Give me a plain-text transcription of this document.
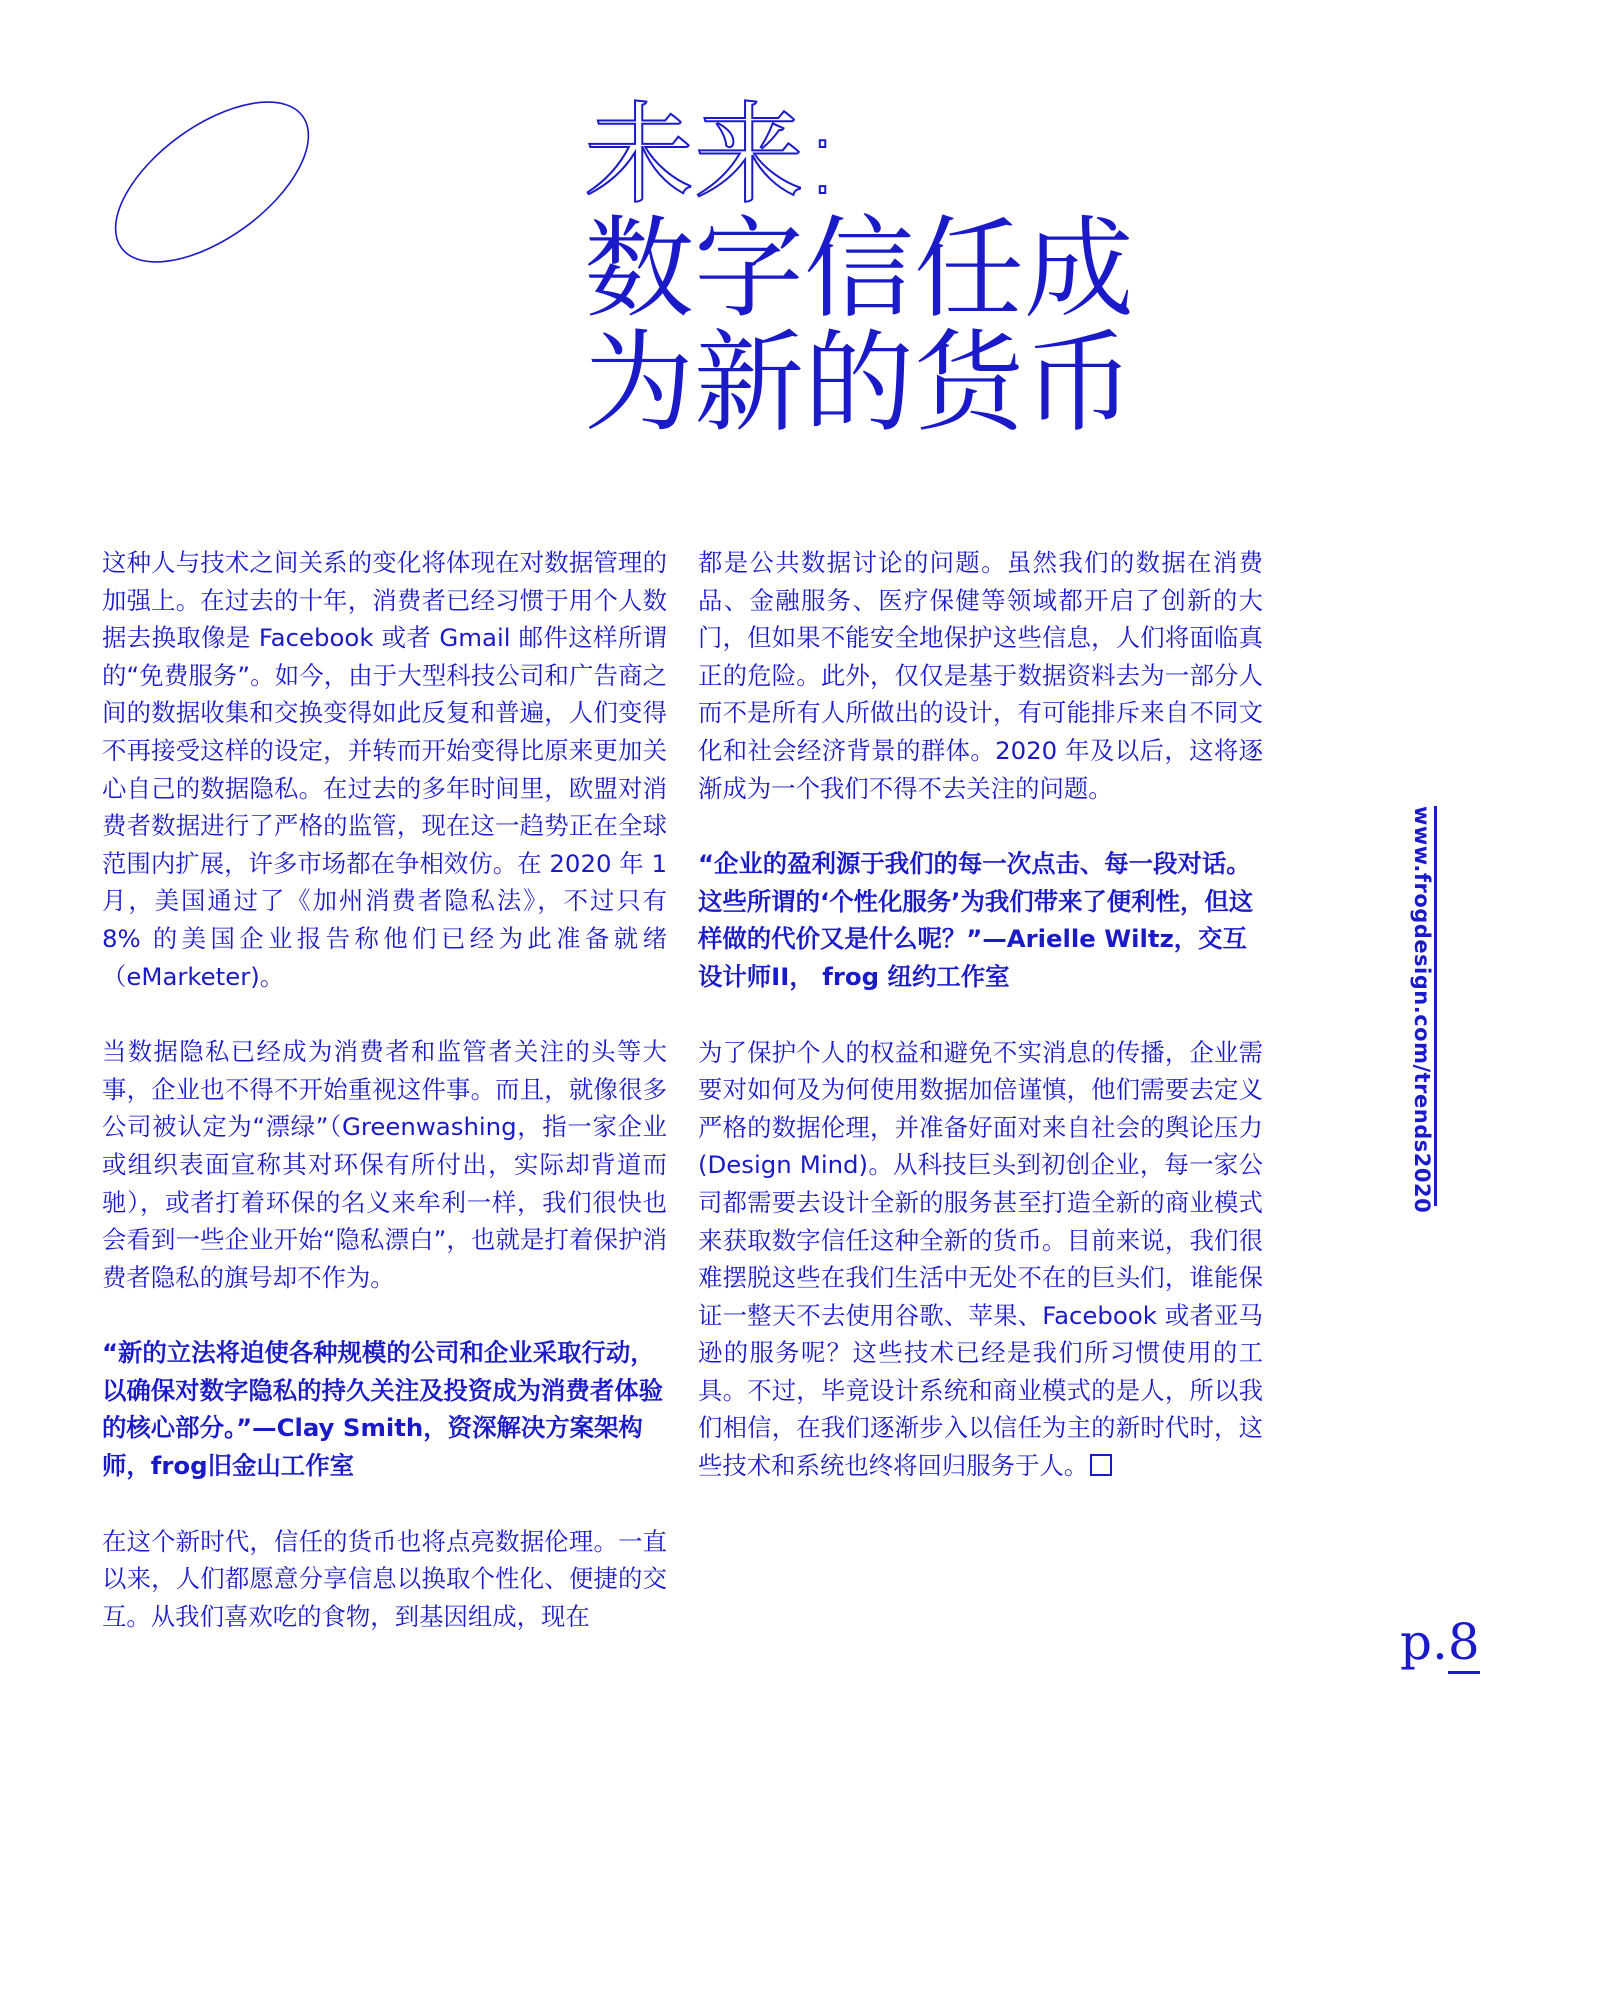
未来:
数字信任成
为新的货币

这种人与技术之间关系的变化将体现在对数据管理的加强上。在过去的十年，消费者已经习惯于用个人数据去换取像是 Facebook 或者 Gmail 邮件这样所谓的“免费服务”。如今，由于大型科技公司和广告商之间的数据收集和交换变得如此反复和普遍，人们变得不再接受这样的设定，并转而开始变得比原来更加关心自己的数据隐私。在过去的多年时间里，欧盟对消费者数据进行了严格的监管，现在这一趋势正在全球范围内扩展，许多市场都在争相效仿。在 2020 年 1 月，美国通过了《加州消费者隐私法》，不过只有 8% 的美国企业报告称他们已经为此准备就绪（eMarketer)。

当数据隐私已经成为消费者和监管者关注的头等大事，企业也不得不开始重视这件事。而且，就像很多公司被认定为“漂绿”（Greenwashing，指一家企业或组织表面宣称其对环保有所付出，实际却背道而驰），或者打着环保的名义来牟利一样，我们很快也会看到一些企业开始“隐私漂白”，也就是打着保护消费者隐私的旗号却不作为。

“新的立法将迫使各种规模的公司和企业采取行动，以确保对数字隐私的持久关注及投资成为消费者体验的核心部分。”—Clay Smith，资深解决方案架构师，frog旧金山工作室

在这个新时代，信任的货币也将点亮数据伦理。一直以来，人们都愿意分享信息以换取个性化、便捷的交互。从我们喜欢吃的食物，到基因组成，现在

都是公共数据讨论的问题。虽然我们的数据在消费品、金融服务、医疗保健等领域都开启了创新的大门，但如果不能安全地保护这些信息，人们将面临真正的危险。此外，仅仅是基于数据资料去为一部分人而不是所有人所做出的设计，有可能排斥来自不同文化和社会经济背景的群体。2020 年及以后，这将逐渐成为一个我们不得不去关注的问题。

“企业的盈利源于我们的每一次点击、每一段对话。这些所谓的‘个性化服务’为我们带来了便利性，但这样做的代价又是什么呢？”—Arielle Wiltz，交互设计师II， frog 纽约工作室

为了保护个人的权益和避免不实消息的传播，企业需要对如何及为何使用数据加倍谨慎，他们需要去定义严格的数据伦理，并准备好面对来自社会的舆论压力 (Design Mind)。从科技巨头到初创企业，每一家公司都需要去设计全新的服务甚至打造全新的商业模式来获取数字信任这种全新的货币。目前来说，我们很难摆脱这些在我们生活中无处不在的巨头们，谁能保证一整天不去使用谷歌、苹果、Facebook 或者亚马逊的服务呢？这些技术已经是我们所习惯使用的工具。不过，毕竟设计系统和商业模式的是人，所以我们相信，在我们逐渐步入以信任为主的新时代时，这些技术和系统也终将回归服务于人。

www.frogdesign.com/trends2020
p.8
